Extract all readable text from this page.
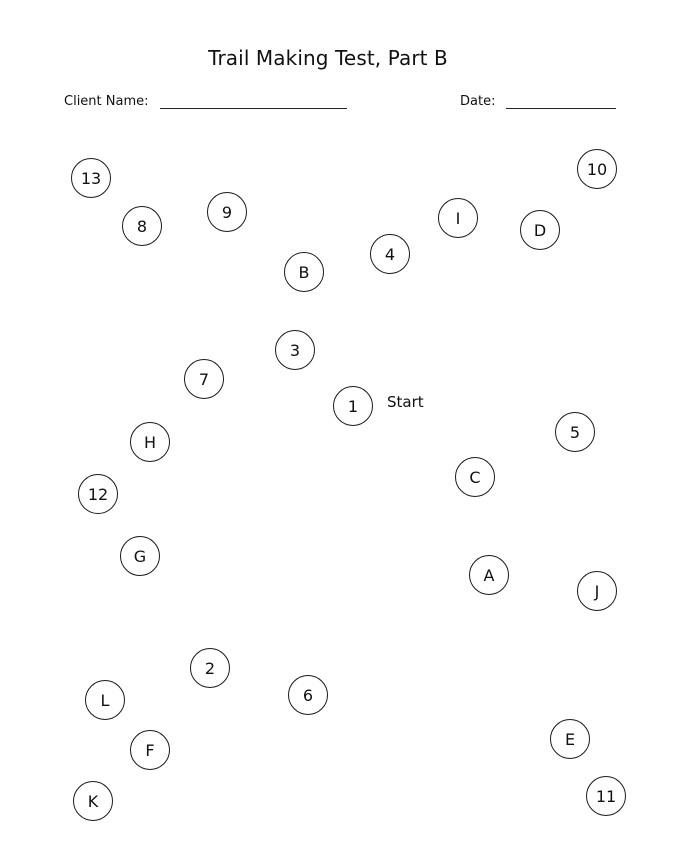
Trail Making Test, Part B
Client Name:	Date:
13
8
9
B
4
I
D
10
3
7
1	Start
H
5
C
12
G
A
J
2
L	6
F
E
K	11
